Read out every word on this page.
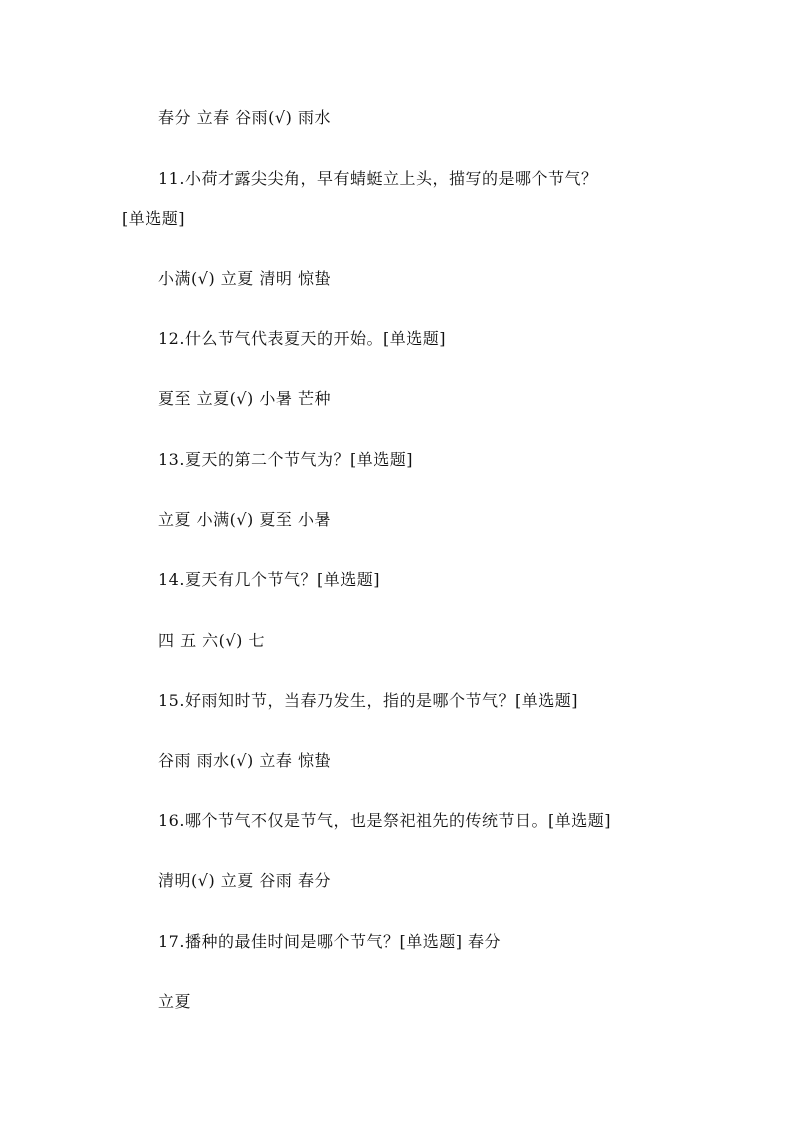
春分 立春 谷雨(√) 雨水
11.小荷才露尖尖角，早有蜻蜓立上头，描写的是哪个节气？
[单选题]
小满(√) 立夏 清明 惊蛰
12.什么节气代表夏天的开始。[单选题]
夏至 立夏(√) 小暑 芒种
13.夏天的第二个节气为？[单选题]
立夏 小满(√) 夏至 小暑
14.夏天有几个节气？[单选题]
四 五 六(√) 七
15.好雨知时节，当春乃发生，指的是哪个节气？[单选题]
谷雨 雨水(√) 立春 惊蛰
16.哪个节气不仅是节气，也是祭祀祖先的传统节日。[单选题]
清明(√) 立夏 谷雨 春分
17.播种的最佳时间是哪个节气？[单选题] 春分
立夏
